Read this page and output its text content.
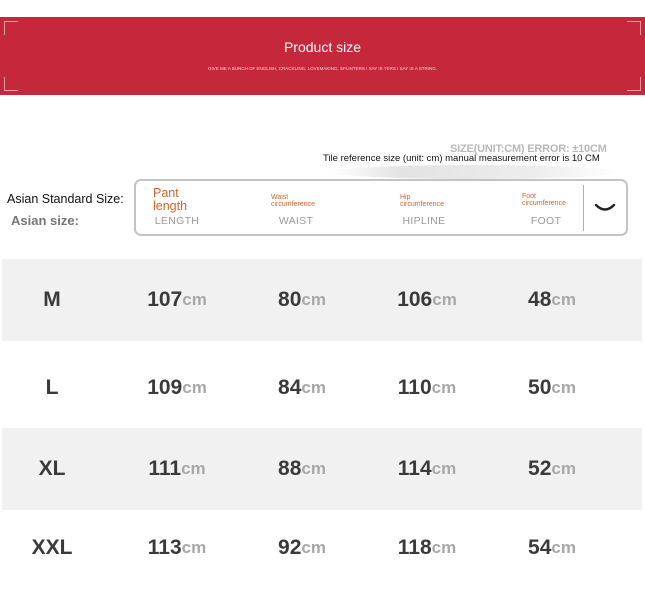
Product size
GIVE ME A BUNCH OF ENGLISH, CRACKLING, LOVEMAKING, SPLINTERS I SAY IS TERS I SAY IS A STRING.
SIZE(UNIT:CM) ERROR: ±10CM
Tile reference size (unit: cm) manual measurement error is 10 CM
Asian Standard Size:
Asian size:
Pant length
LENGTH
Waist circumference
WAIST
Hip circumference
HIPLINE
Foot circumference
FOOT
M	107 cm	80 cm	106 cm	48 cm
L	109 cm	84 cm	110 cm	50 cm
XL	111 cm	88 cm	114 cm	52 cm
XXL	113 cm	92 cm	118 cm	54 cm
